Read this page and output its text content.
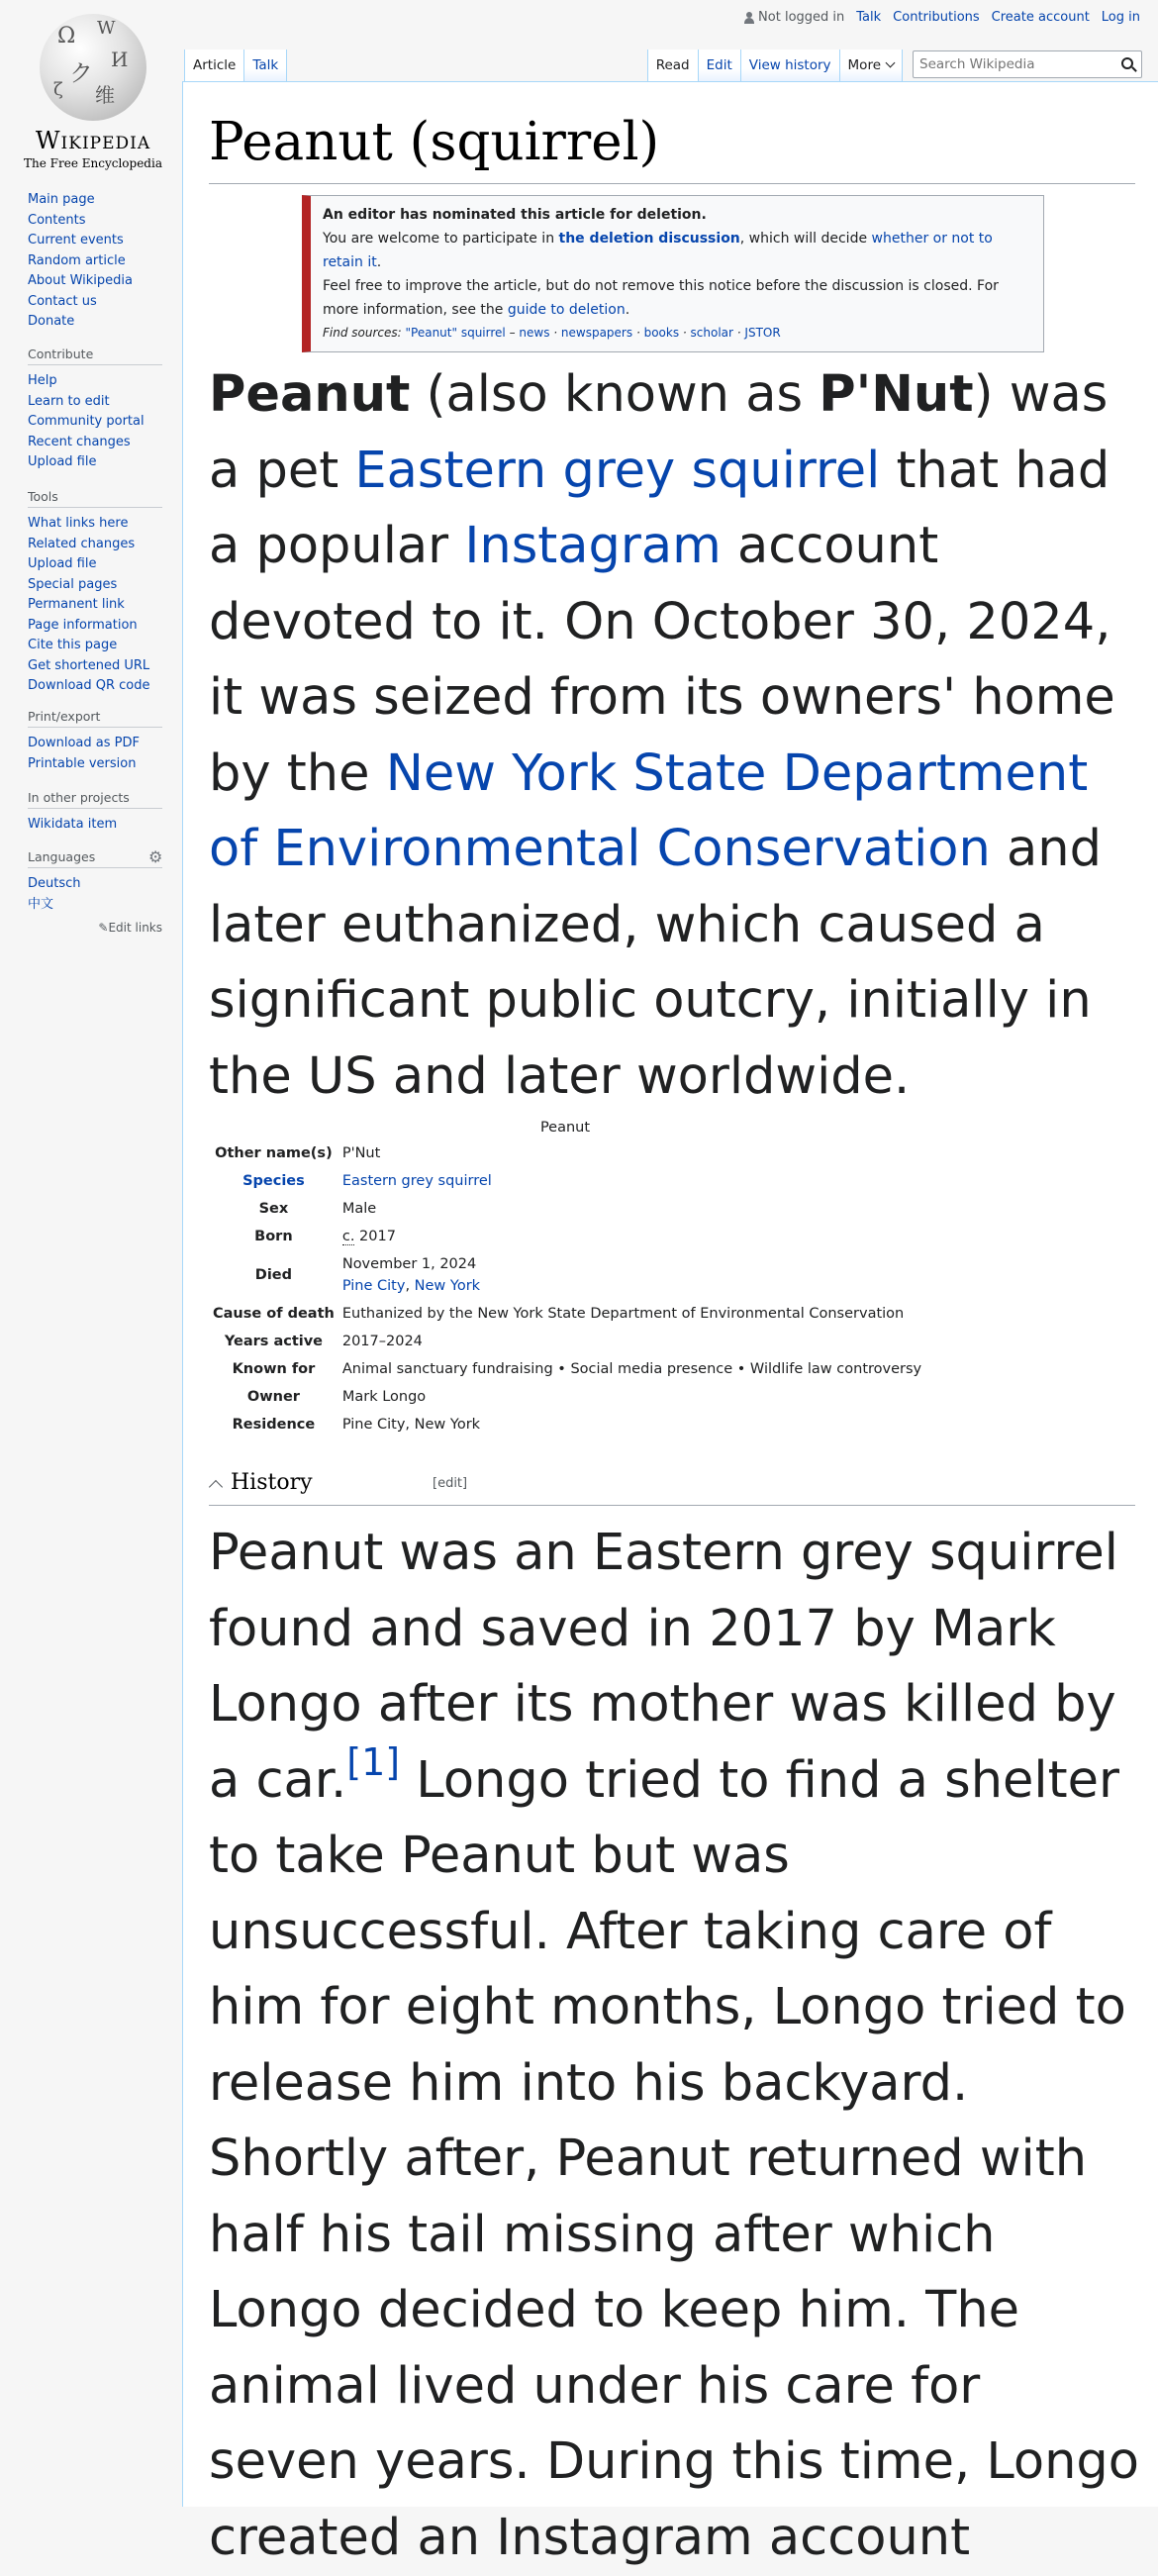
Ω W
И
ク
ζ 维
Wikipedia
The Free Encyclopedia
Main page
Contents
Current events
Random article
About Wikipedia
Contact us
Donate
Contribute
Help
Learn to edit
Community portal
Recent changes
Upload file
Tools
What links here
Related changes
Upload file
Special pages
Permanent link
Page information
Cite this page
Get shortened URL
Download QR code
Print/export
Download as PDF
Printable version
In other projects
Wikidata item
Languages	⚙
Deutsch
中文
✎Edit links
Not logged in Talk Contributions Create account Log in
Article	Talk	Read	Edit	View history	More
Search Wikipedia
Peanut (squirrel)
An editor has nominated this article for deletion.
You are welcome to participate in the deletion discussion, which will decide whether or not to retain it.
Feel free to improve the article, but do not remove this notice before the discussion is closed. For more information, see the guide to deletion.
Find sources: "Peanut" squirrel – news · newspapers · books · scholar · JSTOR

Peanut (also known as P'Nut) was a pet Eastern grey squirrel that had a popular Instagram account devoted to it. On October 30, 2024, it was seized from its owners' home by the New York State Department of Environmental Conservation and later euthanized, which caused a significant public outcry, initially in the US and later worldwide.

Peanut
Other name(s)	P'Nut
Species	Eastern grey squirrel
Sex	Male
Born	c. 2017
Died	November 1, 2024
Pine City, New York

Cause of death	Euthanized by the New York State Department of Environmental Conservation
Years active	2017–2024
Known for	Animal sanctuary fundraising • Social media presence • Wildlife law controversy
Owner	Mark Longo
Residence	Pine City, New York
History	[edit]

Peanut was an Eastern grey squirrel found and saved in 2017 by Mark Longo after its mother was killed by a car.[1] Longo tried to find a shelter to take Peanut but was unsuccessful. After taking care of him for eight months, Longo tried to release him into his backyard. Shortly after, Peanut returned with half his tail missing after which Longo decided to keep him. The animal lived under his care for seven years. During this time, Longo created an Instagram account
